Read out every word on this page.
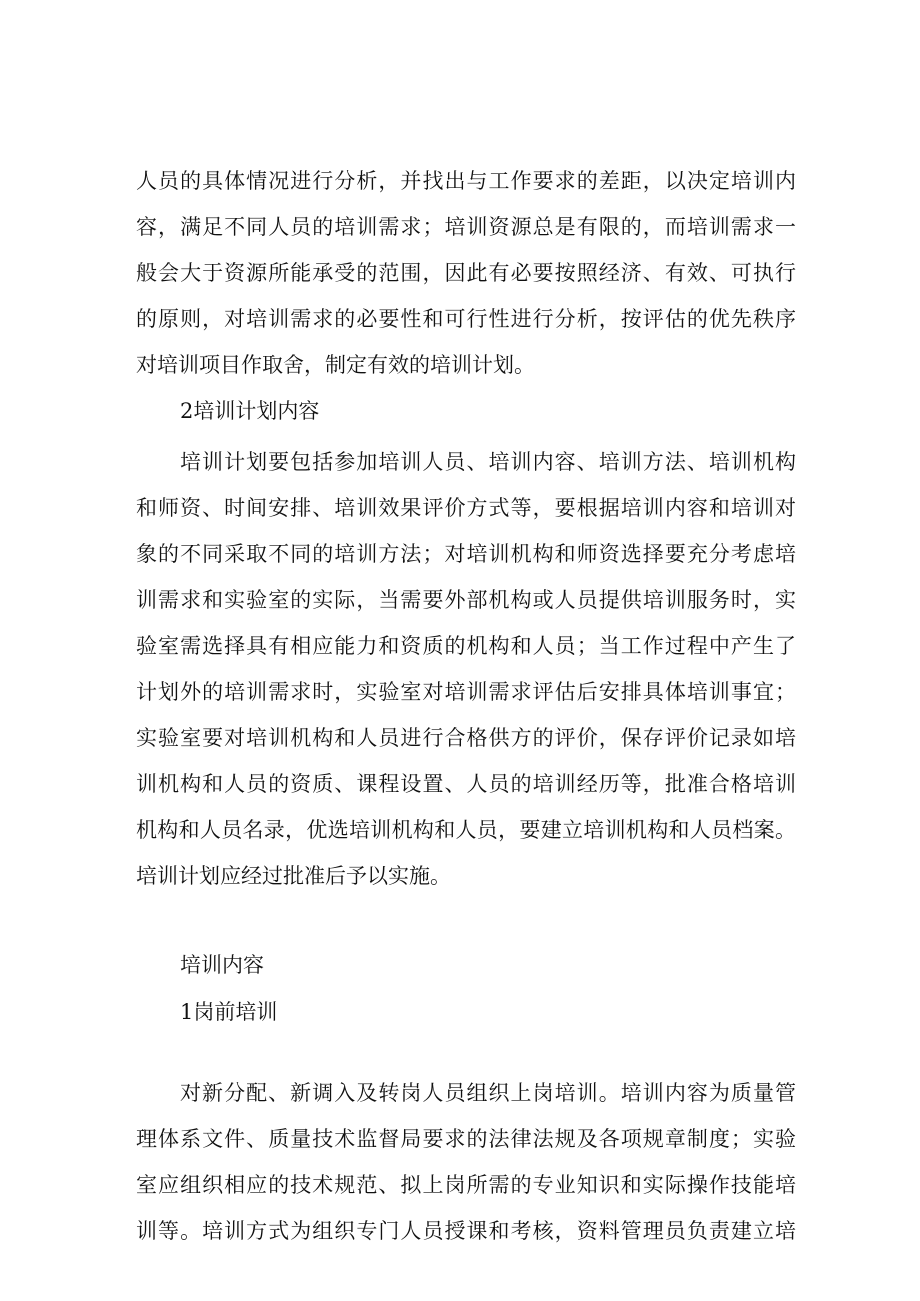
人员的具体情况进行分析，并找出与工作要求的差距，以决定培训内
容，满足不同人员的培训需求；培训资源总是有限的，而培训需求一
般会大于资源所能承受的范围，因此有必要按照经济、有效、可执行
的原则，对培训需求的必要性和可行性进行分析，按评估的优先秩序
对培训项目作取舍，制定有效的培训计划。
2培训计划内容
培训计划要包括参加培训人员、培训内容、培训方法、培训机构
和师资、时间安排、培训效果评价方式等，要根据培训内容和培训对
象的不同采取不同的培训方法；对培训机构和师资选择要充分考虑培
训需求和实验室的实际，当需要外部机构或人员提供培训服务时，实
验室需选择具有相应能力和资质的机构和人员；当工作过程中产生了
计划外的培训需求时，实验室对培训需求评估后安排具体培训事宜；
实验室要对培训机构和人员进行合格供方的评价，保存评价记录如培
训机构和人员的资质、课程设置、人员的培训经历等，批准合格培训
机构和人员名录，优选培训机构和人员，要建立培训机构和人员档案。
培训计划应经过批准后予以实施。
培训内容
1岗前培训
对新分配、新调入及转岗人员组织上岗培训。培训内容为质量管
理体系文件、质量技术监督局要求的法律法规及各项规章制度；实验
室应组织相应的技术规范、拟上岗所需的专业知识和实际操作技能培
训等。培训方式为组织专门人员授课和考核，资料管理员负责建立培
